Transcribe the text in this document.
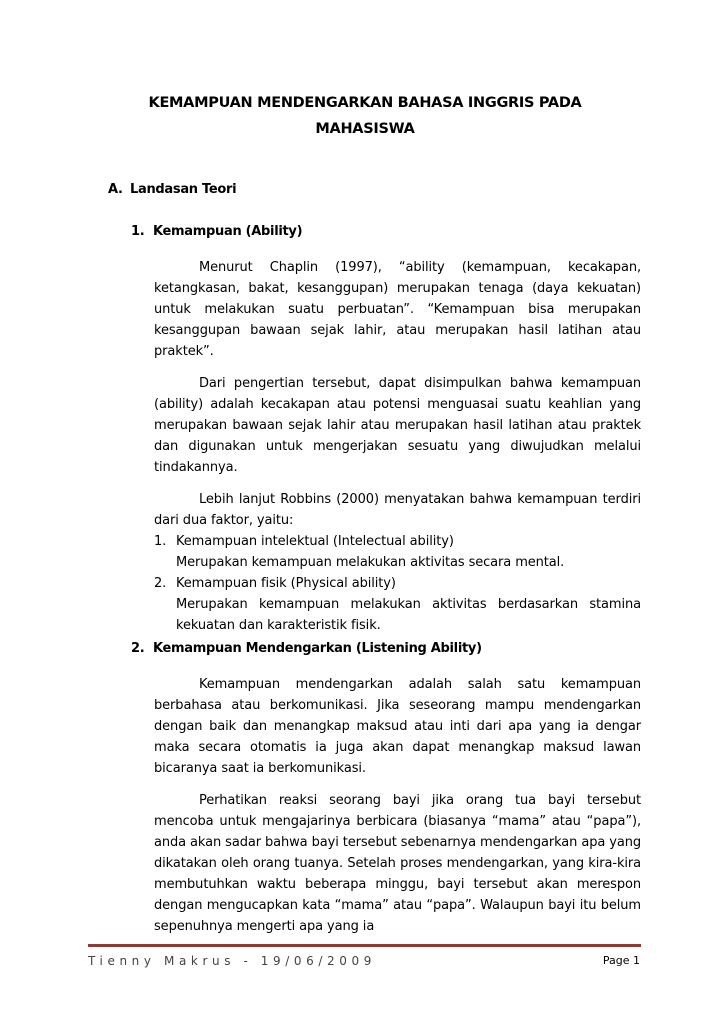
KEMAMPUAN MENDENGARKAN BAHASA INGGRIS PADA MAHASISWA
A. Landasan Teori
1. Kemampuan (Ability)
Menurut Chaplin (1997), “ability (kemampuan, kecakapan, ketangkasan, bakat, kesanggupan) merupakan tenaga (daya kekuatan) untuk melakukan suatu perbuatan”. “Kemampuan bisa merupakan kesanggupan bawaan sejak lahir, atau merupakan hasil latihan atau praktek”.
Dari pengertian tersebut, dapat disimpulkan bahwa kemampuan (ability) adalah kecakapan atau potensi menguasai suatu keahlian yang merupakan bawaan sejak lahir atau merupakan hasil latihan atau praktek dan digunakan untuk mengerjakan sesuatu yang diwujudkan melalui tindakannya.
Lebih lanjut Robbins (2000) menyatakan bahwa kemampuan terdiri dari dua faktor, yaitu:
1. Kemampuan intelektual (Intelectual ability)
Merupakan kemampuan melakukan aktivitas secara mental.
2. Kemampuan fisik (Physical ability)
Merupakan kemampuan melakukan aktivitas berdasarkan stamina kekuatan dan karakteristik fisik.
2. Kemampuan Mendengarkan (Listening Ability)
Kemampuan mendengarkan adalah salah satu kemampuan berbahasa atau berkomunikasi. Jika seseorang mampu mendengarkan dengan baik dan menangkap maksud atau inti dari apa yang ia dengar maka secara otomatis ia juga akan dapat menangkap maksud lawan bicaranya saat ia berkomunikasi.
Perhatikan reaksi seorang bayi jika orang tua bayi tersebut mencoba untuk mengajarinya berbicara (biasanya “mama” atau “papa”), anda akan sadar bahwa bayi tersebut sebenarnya mendengarkan apa yang dikatakan oleh orang tuanya. Setelah proses mendengarkan, yang kira-kira membutuhkan waktu beberapa minggu, bayi tersebut akan merespon dengan mengucapkan kata “mama” atau “papa”. Walaupun bayi itu belum sepenuhnya mengerti apa yang ia
Tienny Makrus - 19/06/2009	Page 1
